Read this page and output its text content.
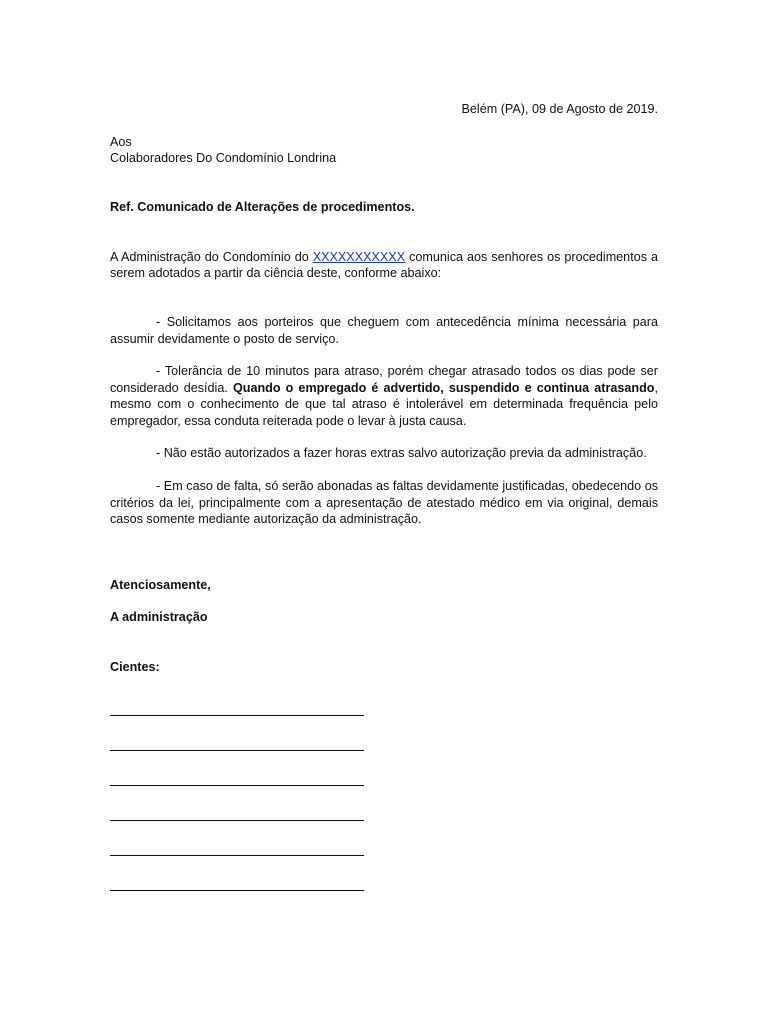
Belém (PA), 09 de Agosto de 2019.

Aos

Colaboradores Do Condomínio Londrina

Ref. Comunicado de Alterações de procedimentos.

A Administração do Condomínio do XXXXXXXXXXX comunica aos senhores os procedimentos a serem adotados a partir da ciência deste, conforme abaixo:

- Solicitamos aos porteiros que cheguem com antecedência mínima necessária para assumir devidamente o posto de serviço.

- Tolerância de 10 minutos para atraso, porém chegar atrasado todos os dias pode ser considerado desídia. Quando o empregado é advertido, suspendido e continua atrasando, mesmo com o conhecimento de que tal atraso é intolerável em determinada frequência pelo empregador, essa conduta reiterada pode o levar à justa causa.

- Não estão autorizados a fazer horas extras salvo autorização previa da administração.

- Em caso de falta, só serão abonadas as faltas devidamente justificadas, obedecendo os critérios da lei, principalmente com a apresentação de atestado médico em via original, demais casos somente mediante autorização da administração.

Atenciosamente,

A administração

Cientes:
